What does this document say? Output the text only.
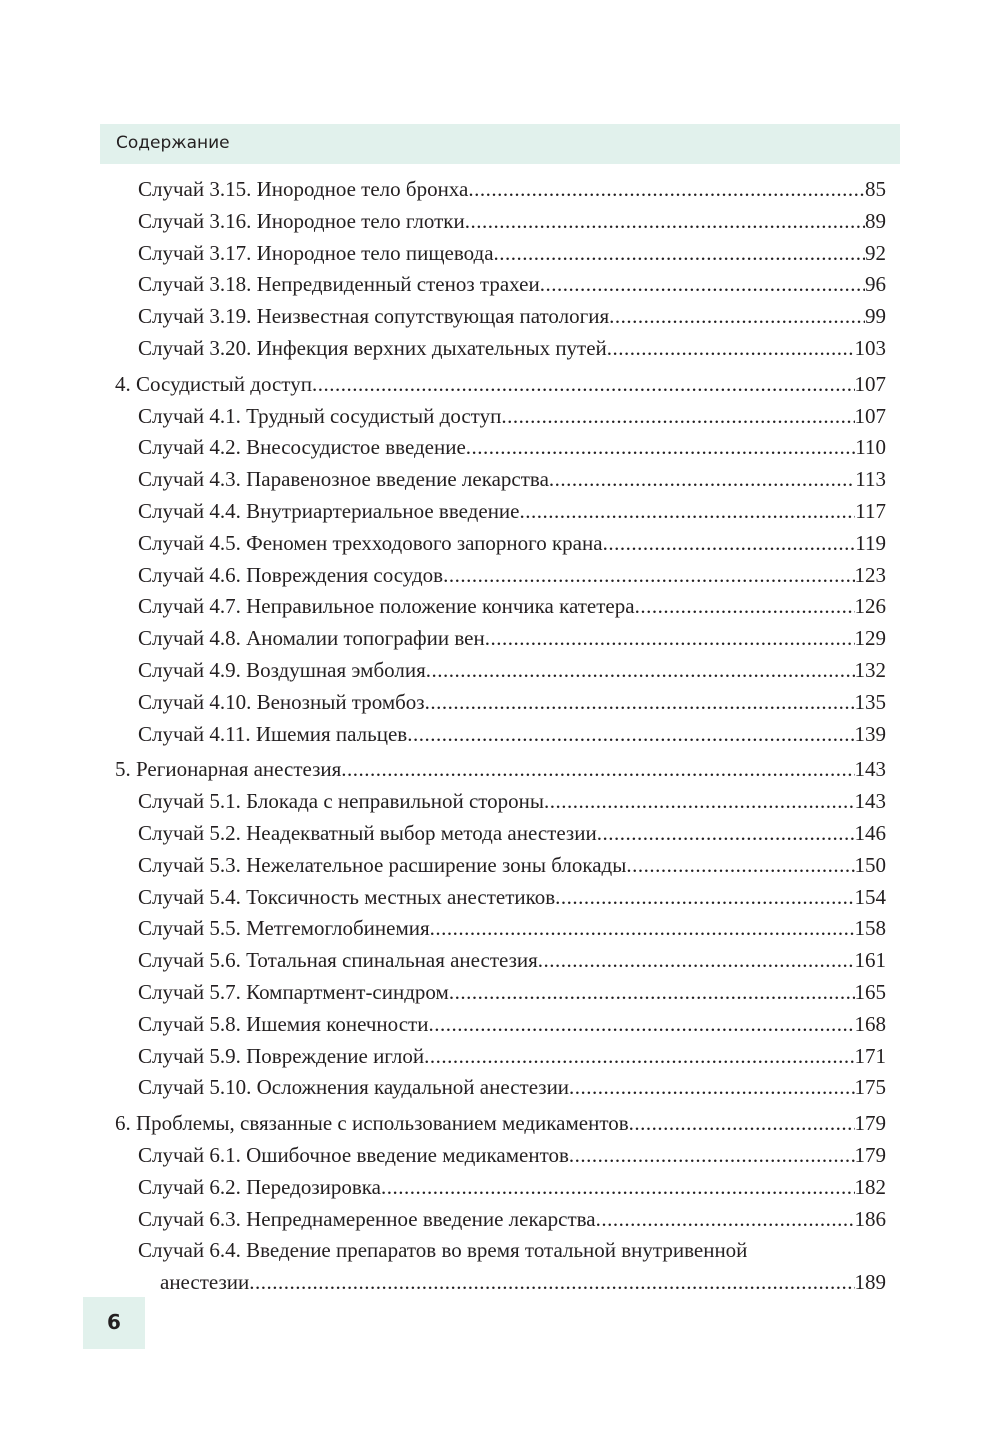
Содержание
Случай 3.15. Инородное тело бронха .....	85
Случай 3.16. Инородное тело глотки .....	89
Случай 3.17. Инородное тело пищевода .....	92
Случай 3.18. Непредвиденный стеноз трахеи .....	96
Случай 3.19. Неизвестная сопутствующая патология .....	99
Случай 3.20. Инфекция верхних дыхательных путей .....	103
4. Сосудистый доступ .....	107
Случай 4.1. Трудный сосудистый доступ .....	107
Случай 4.2. Внесосудистое введение .....	110
Случай 4.3. Паравенозное введение лекарства .....	113
Случай 4.4. Внутриартериальное введение .....	117
Случай 4.5. Феномен трехходового запорного крана .....	119
Случай 4.6. Повреждения сосудов .....	123
Случай 4.7. Неправильное положение кончика катетера .....	126
Случай 4.8. Аномалии топографии вен .....	129
Случай 4.9. Воздушная эмболия .....	132
Случай 4.10. Венозный тромбоз .....	135
Случай 4.11. Ишемия пальцев .....	139
5. Регионарная анестезия .....	143
Случай 5.1. Блокада с неправильной стороны .....	143
Случай 5.2. Неадекватный выбор метода анестезии .....	146
Случай 5.3. Нежелательное расширение зоны блокады .....	150
Случай 5.4. Токсичность местных анестетиков .....	154
Случай 5.5. Метгемоглобинемия .....	158
Случай 5.6. Тотальная спинальная анестезия .....	161
Случай 5.7. Компартмент-синдром .....	165
Случай 5.8. Ишемия конечности .....	168
Случай 5.9. Повреждение иглой .....	171
Случай 5.10. Осложнения каудальной анестезии .....	175
6. Проблемы, связанные с использованием медикаментов .....	179
Случай 6.1. Ошибочное введение медикаментов .....	179
Случай 6.2. Передозировка .....	182
Случай 6.3. Непреднамеренное введение лекарства .....	186
Случай 6.4. Введение препаратов во время тотальной внутривенной
анестезии .....	189
6
